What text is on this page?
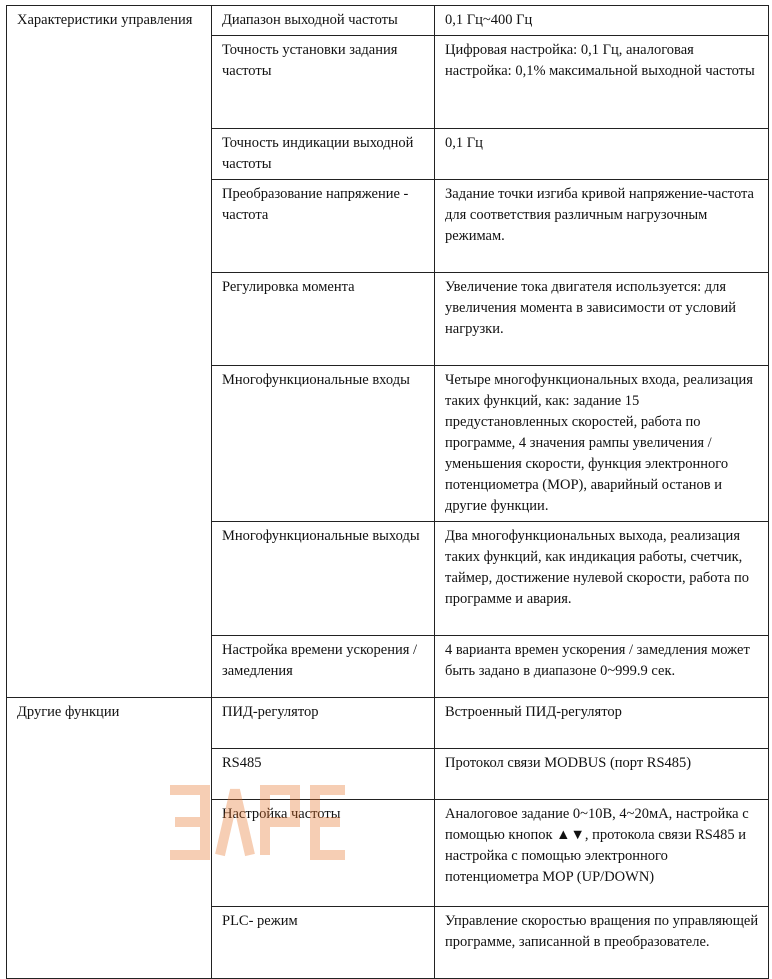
Характеристики управления	Диапазон выходной частоты	0,1 Гц~400 Гц
	Точность установки задания частоты	Цифровая настройка: 0,1 Гц, аналоговая настройка: 0,1% максимальной выходной частоты
	Точность индикации выходной частоты	0,1 Гц
	Преобразование напряжение - частота	Задание точки изгиба кривой напряжение-частота для соответствия различным нагрузочным режимам.
	Регулировка момента	Увеличение тока двигателя используется: для увеличения момента в зависимости от условий нагрузки.
	Многофункциональные входы	Четыре многофункциональных входа, реализация таких функций, как: задание 15 предустановленных скоростей, работа по программе, 4 значения рампы увеличения / уменьшения скорости, функция электронного потенциометра (MOP), аварийный останов и другие функции.
	Многофункциональные выходы	Два многофункциональных выхода, реализация таких функций, как индикация работы, счетчик, таймер, достижение нулевой скорости, работа по программе и авария.
	Настройка времени ускорения / замедления	4 варианта времен ускорения / замедления может быть задано в диапазоне 0~999.9 сек.
Другие функции	ПИД-регулятор	Встроенный ПИД-регулятор
	RS485	Протокол связи MODBUS (порт RS485)
	Настройка частоты	Аналоговое задание 0~10В, 4~20мА, настройка с помощью кнопок ▲▼, протокола связи RS485 и настройка с помощью электронного потенциометра MOP (UP/DOWN)
	PLC- режим	Управление скоростью вращения по управляющей программе, записанной в преобразователе.
